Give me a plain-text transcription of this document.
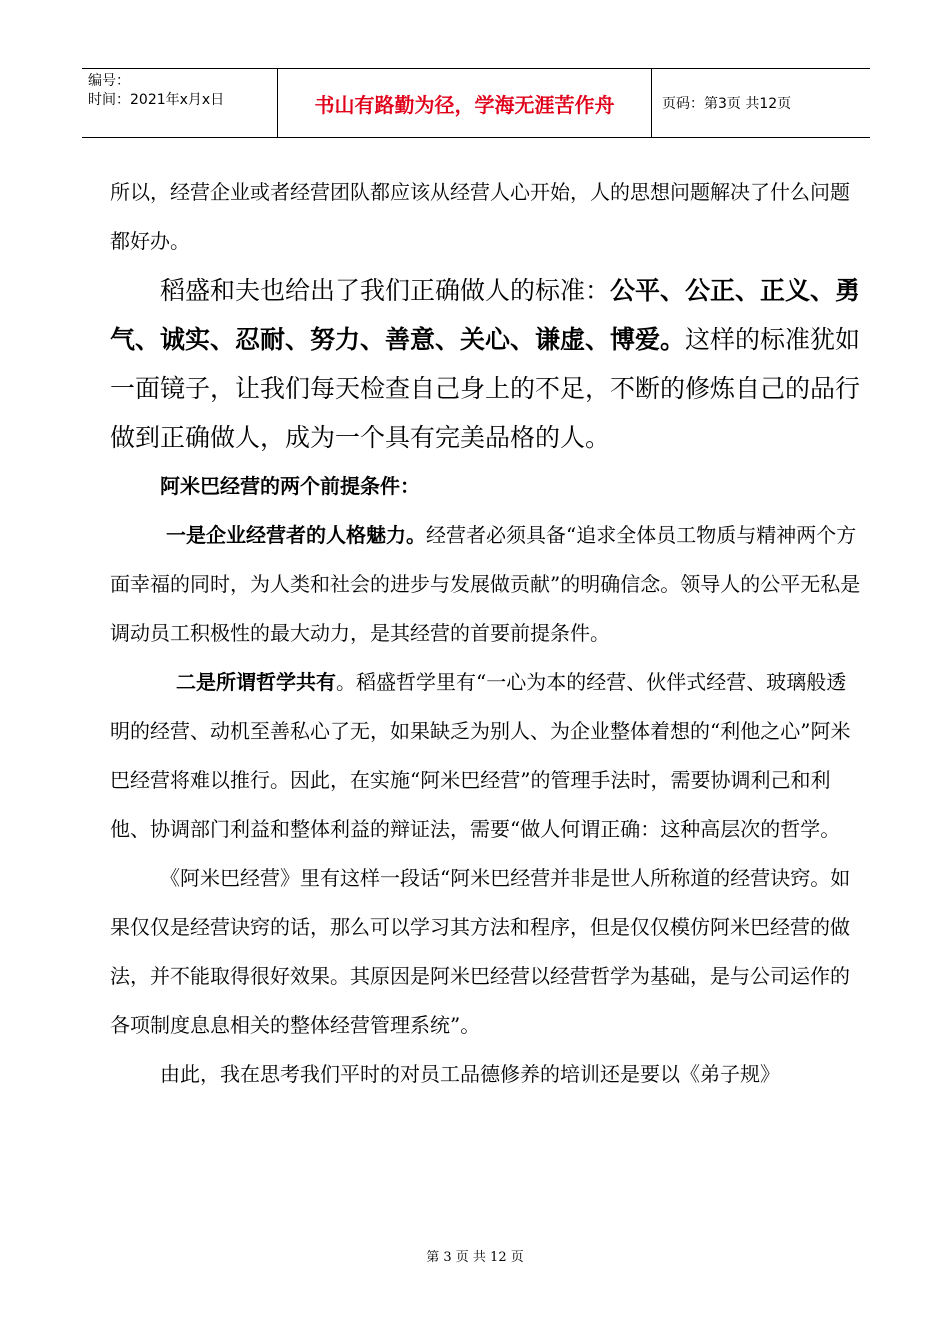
编号：
时间：2021年x月x日	书山有路勤为径，学海无涯苦作舟	页码：第3页 共12页

所以，经营企业或者经营团队都应该从经营人心开始，人的思想问题解决了什么问题都好办。

稻盛和夫也给出了我们正确做人的标准：公平、公正、正义、勇气、诚实、忍耐、努力、善意、关心、谦虚、博爱。这样的标准犹如一面镜子，让我们每天检查自己身上的不足，不断的修炼自己的品行做到正确做人，成为一个具有完美品格的人。

阿米巴经营的两个前提条件：

一是企业经营者的人格魅力。经营者必须具备“追求全体员工物质与精神两个方面幸福的同时，为人类和社会的进步与发展做贡献”的明确信念。领导人的公平无私是调动员工积极性的最大动力，是其经营的首要前提条件。

二是所谓哲学共有。稻盛哲学里有“一心为本的经营、伙伴式经营、玻璃般透明的经营、动机至善私心了无，如果缺乏为别人、为企业整体着想的“利他之心”阿米巴经营将难以推行。因此，在实施“阿米巴经营”的管理手法时，需要协调利己和利他、协调部门利益和整体利益的辩证法，需要“做人何谓正确：这种高层次的哲学。

《阿米巴经营》里有这样一段话“阿米巴经营并非是世人所称道的经营诀窍。如果仅仅是经营诀窍的话，那么可以学习其方法和程序，但是仅仅模仿阿米巴经营的做法，并不能取得很好效果。其原因是阿米巴经营以经营哲学为基础，是与公司运作的各项制度息息相关的整体经营管理系统”。

由此，我在思考我们平时的对员工品德修养的培训还是要以《弟子规》

第 3 页 共 12 页
